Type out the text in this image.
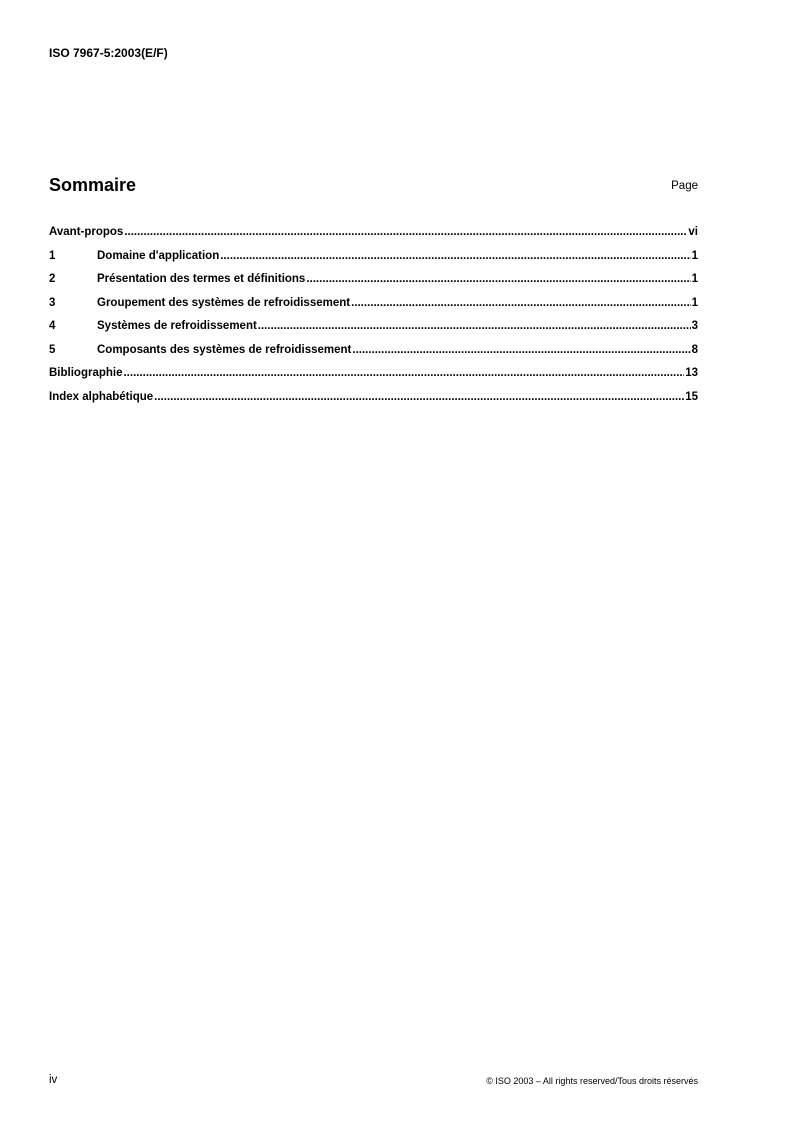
ISO 7967-5:2003(E/F)
Sommaire	Page
Avant-propos .....	vi
1	Domaine d'application .....	1
2	Présentation des termes et définitions .....	1
3	Groupement des systèmes de refroidissement .....	1
4	Systèmes de refroidissement .....	3
5	Composants des systèmes de refroidissement .....	8
Bibliographie .....	13
Index alphabétique .....	15
iv	© ISO 2003 – All rights reserved/Tous droits réservés
